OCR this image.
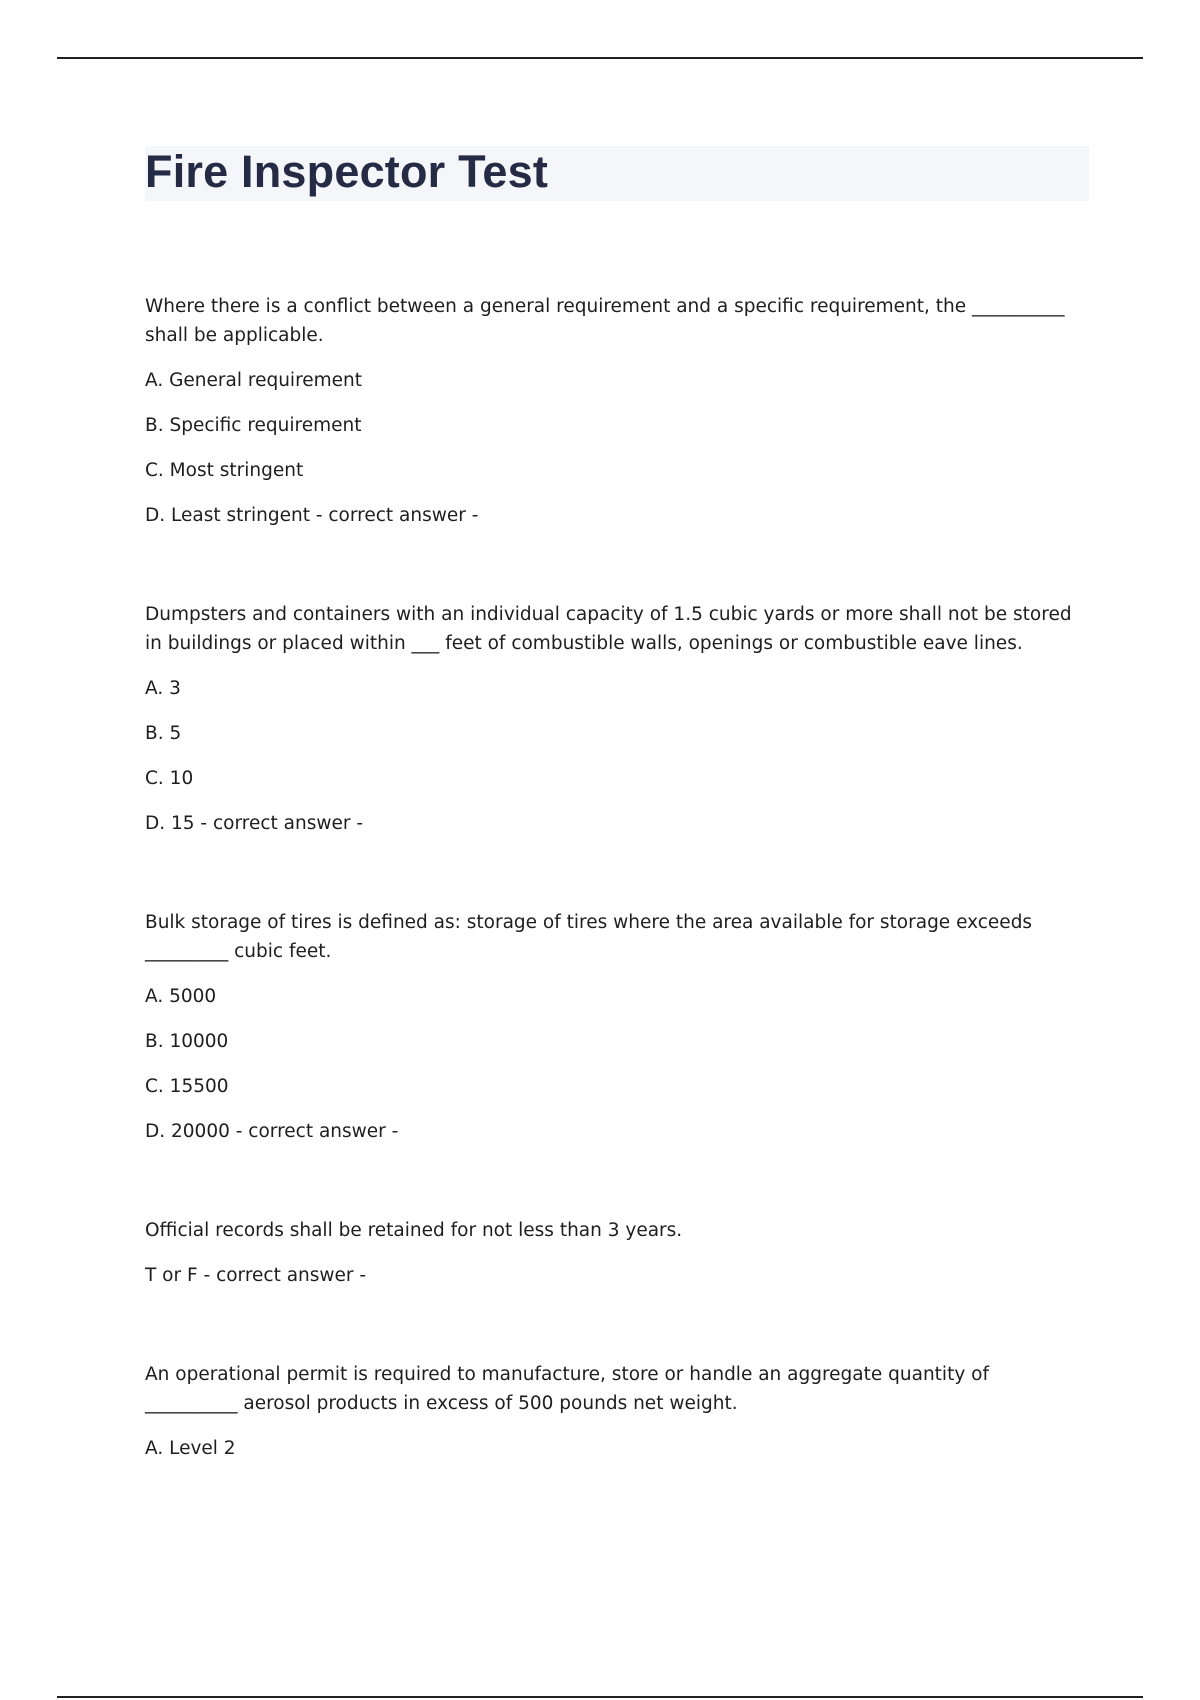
Fire Inspector Test

Where there is a conflict between a general requirement and a specific requirement, the __________ shall be applicable.

A. General requirement

B. Specific requirement

C. Most stringent

D. Least stringent - correct answer -

Dumpsters and containers with an individual capacity of 1.5 cubic yards or more shall not be stored in buildings or placed within ___ feet of combustible walls, openings or combustible eave lines.

A. 3

B. 5

C. 10

D. 15 - correct answer -

Bulk storage of tires is defined as: storage of tires where the area available for storage exceeds _________ cubic feet.

A. 5000

B. 10000

C. 15500

D. 20000 - correct answer -

Official records shall be retained for not less than 3 years.

T or F - correct answer -

An operational permit is required to manufacture, store or handle an aggregate quantity of __________ aerosol products in excess of 500 pounds net weight.

A. Level 2
